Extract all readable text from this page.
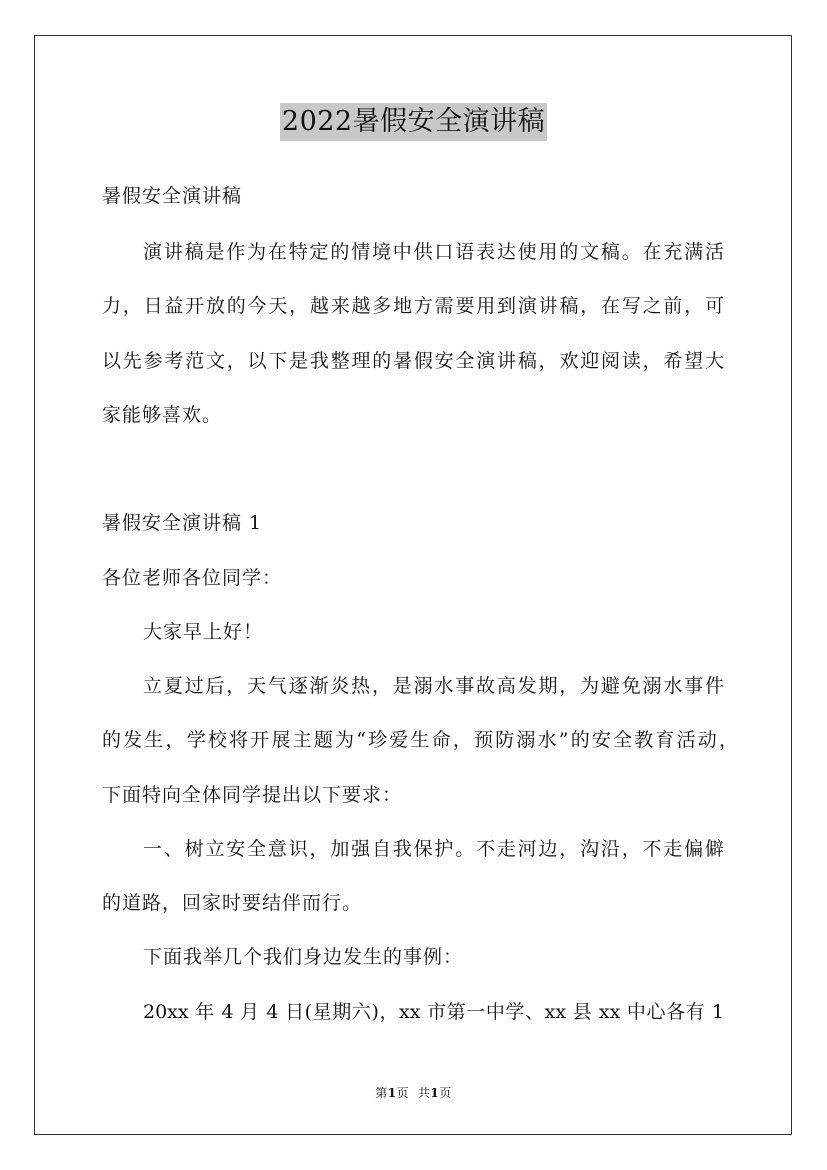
2022暑假安全演讲稿
暑假安全演讲稿
演讲稿是作为在特定的情境中供口语表达使用的文稿。在充满活
力，日益开放的今天，越来越多地方需要用到演讲稿，在写之前，可
以先参考范文，以下是我整理的暑假安全演讲稿，欢迎阅读，希望大
家能够喜欢。
暑假安全演讲稿 1
各位老师各位同学：
大家早上好！
立夏过后，天气逐渐炎热，是溺水事故高发期，为避免溺水事件
的发生，学校将开展主题为“珍爱生命，预防溺水”的安全教育活动，
下面特向全体同学提出以下要求：
一、树立安全意识，加强自我保护。不走河边，沟沿，不走偏僻
的道路，回家时要结伴而行。
下面我举几个我们身边发生的事例：
20xx 年 4 月 4 日(星期六)，xx 市第一中学、xx 县 xx 中心各有 1
第1页 共1页
